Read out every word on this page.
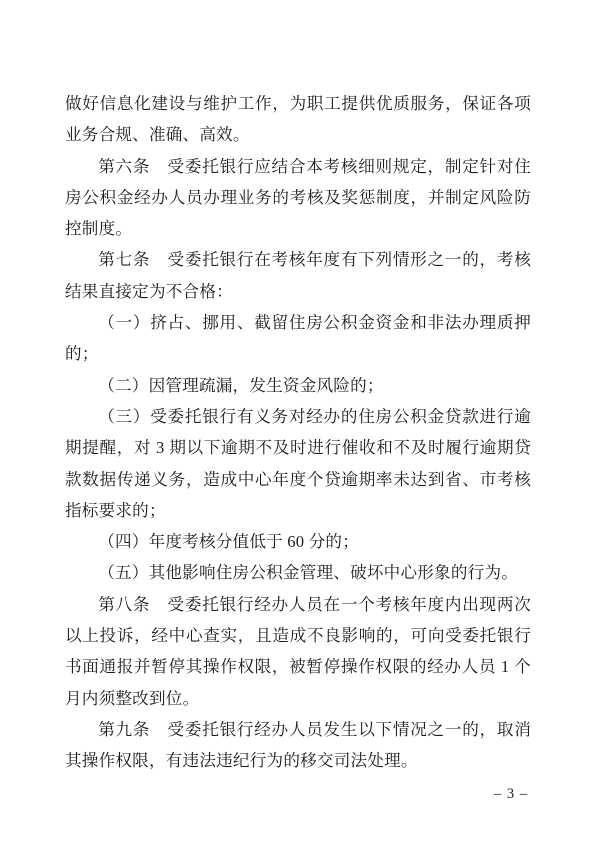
做好信息化建设与维护工作，为职工提供优质服务，保证各项业务合规、准确、高效。
第六条　受委托银行应结合本考核细则规定，制定针对住房公积金经办人员办理业务的考核及奖惩制度，并制定风险防控制度。
第七条　受委托银行在考核年度有下列情形之一的，考核结果直接定为不合格：
（一）挤占、挪用、截留住房公积金资金和非法办理质押的；
（二）因管理疏漏，发生资金风险的；
（三）受委托银行有义务对经办的住房公积金贷款进行逾期提醒，对 3 期以下逾期不及时进行催收和不及时履行逾期贷款数据传递义务，造成中心年度个贷逾期率未达到省、市考核指标要求的；
（四）年度考核分值低于 60 分的；
（五）其他影响住房公积金管理、破坏中心形象的行为。
第八条　受委托银行经办人员在一个考核年度内出现两次以上投诉，经中心查实，且造成不良影响的，可向受委托银行书面通报并暂停其操作权限，被暂停操作权限的经办人员 1 个月内须整改到位。
第九条　受委托银行经办人员发生以下情况之一的，取消其操作权限，有违法违纪行为的移交司法处理。
– 3 –
